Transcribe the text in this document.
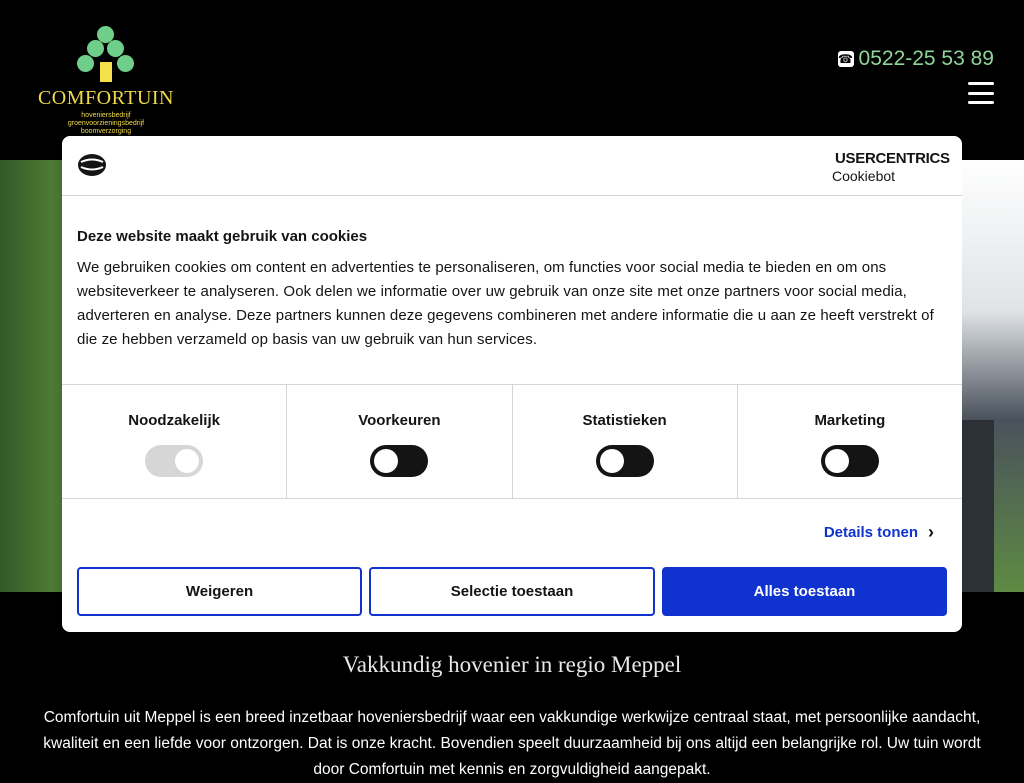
COMFORTUIN
hoveniersbedrijf
groenvoorzieningsbedrijf
boomverzorging
☎ 0522-25 53 89
Vakkundig hovenier in regio Meppel
Comfortuin uit Meppel is een breed inzetbaar hoveniersbedrijf waar een vakkundige werkwijze centraal staat, met persoonlijke aandacht, kwaliteit en een liefde voor ontzorgen. Dat is onze kracht. Bovendien speelt duurzaamheid bij ons altijd een belangrijke rol. Uw tuin wordt door Comfortuin met kennis en zorgvuldigheid aangepakt.
USERCENTRICS
Cookiebot

Deze website maakt gebruik van cookies

We gebruiken cookies om content en advertenties te personaliseren, om functies voor social media te bieden en om ons websiteverkeer te analyseren. Ook delen we informatie over uw gebruik van onze site met onze partners voor social media, adverteren en analyse. Deze partners kunnen deze gegevens combineren met andere informatie die u aan ze heeft verstrekt of die ze hebben verzameld op basis van uw gebruik van hun services.

Noodzakelijk	Voorkeuren	Statistieken	Marketing
Details tonen ›
Weigeren	Selectie toestaan	Alles toestaan
